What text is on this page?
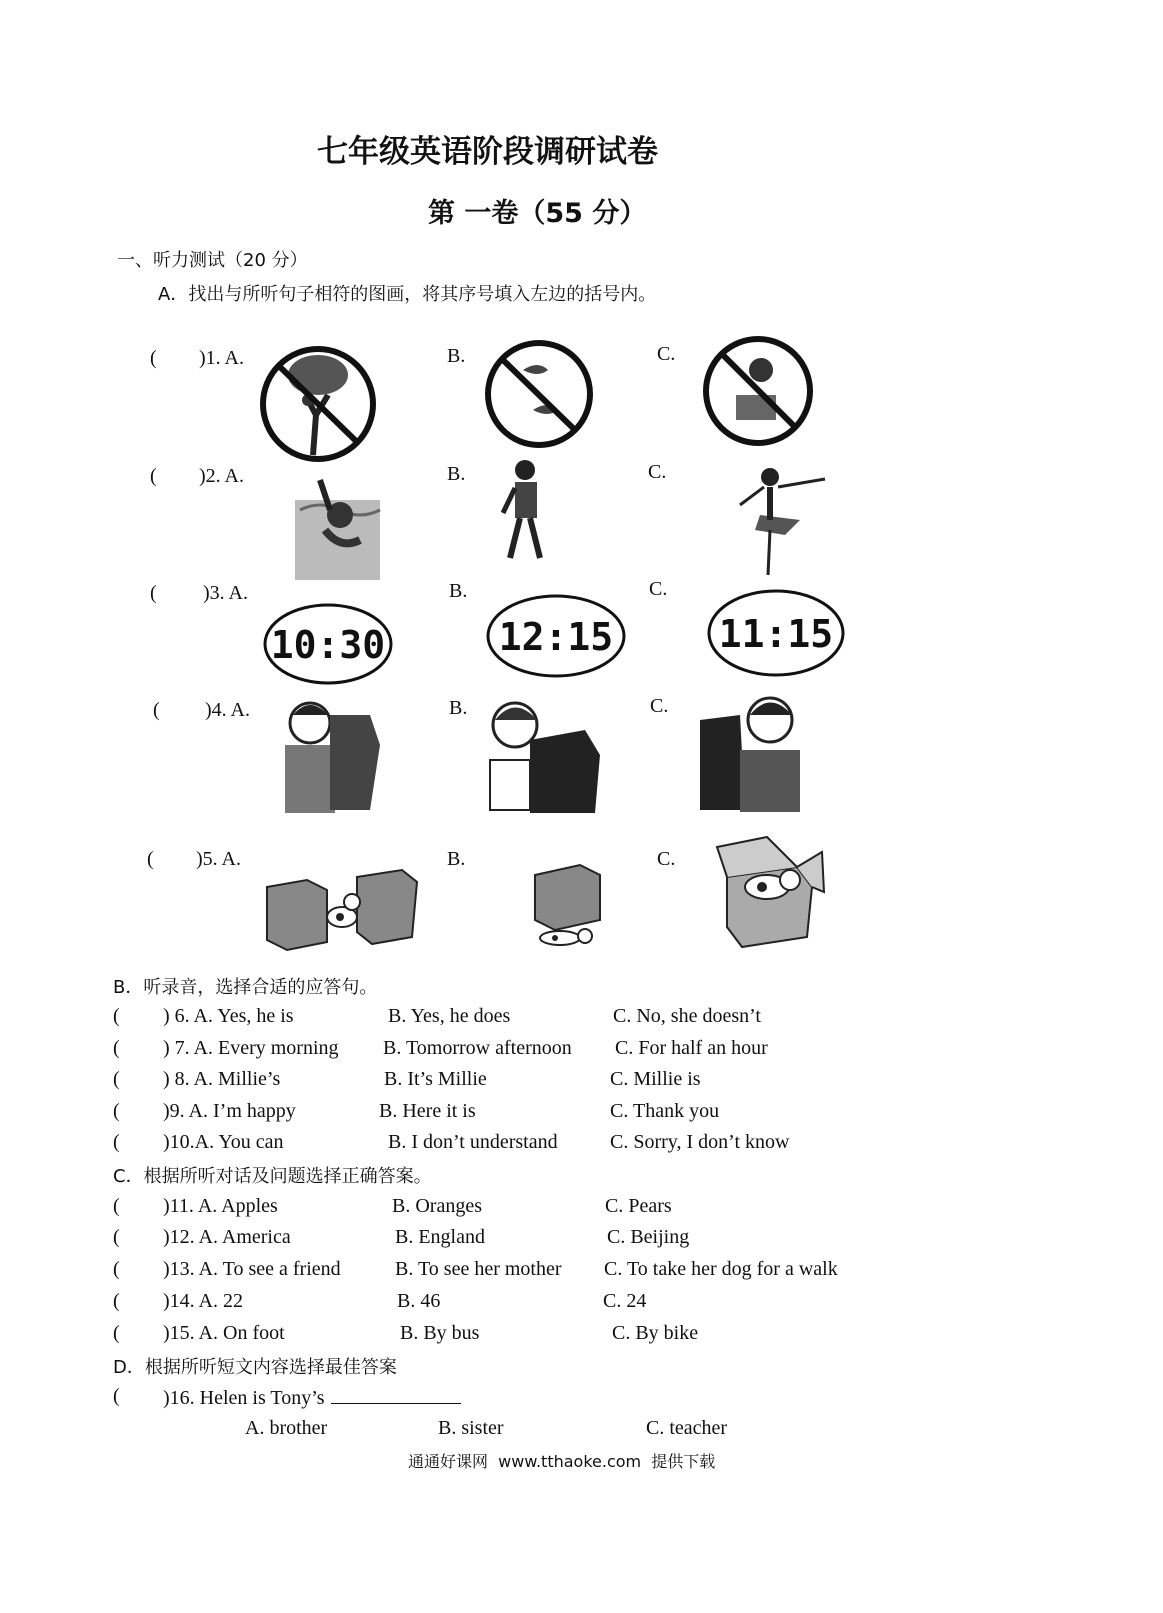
七年级英语阶段调研试卷
第 一卷（55 分）
一、听力测试（20 分）
A．找出与所听句子相符的图画，将其序号填入左边的括号内。
( )1. A.	B.	C.
( )2. A.	B.	C.
( )3. A.	B.	C.
10:30	12:15	11:15
( )4. A.	B.	C.
( )5. A.	B.	C.
B．听录音，选择合适的应答句。
( ) 6. A. Yes, he is	B. Yes, he does	C. No, she doesn’t
( ) 7. A. Every morning B. Tomorrow afternoon C. For half an hour
( ) 8. A. Millie’s	B. It’s Millie	C. Millie is
( )9. A. I’m happy	B. Here it is	C. Thank you
( )10.A. You can	B. I don’t understand	C. Sorry, I don’t know
C．根据所听对话及问题选择正确答案。
( )11. A. Apples	B. Oranges	C. Pears
( )12. A. America	B. England	C. Beijing
( )13. A. To see a friend	B. To see her mother C. To take her dog for a walk
( )14. A. 22	B. 46	C. 24
( )15. A. On foot	B. By bus	C. By bike
D．根据所听短文内容选择最佳答案
( )16. Helen is Tony’s
A. brother	B. sister	C. teacher
通通好课网  www.tthaoke.com  提供下载
